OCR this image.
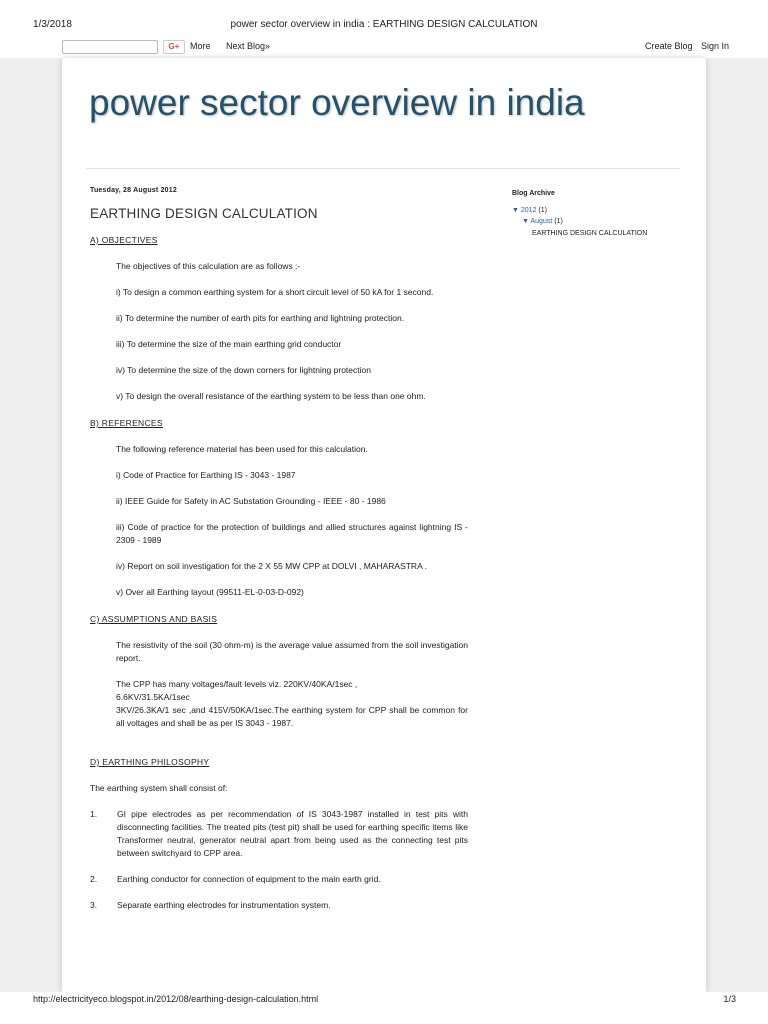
1/3/2018	power sector overview in india : EARTHING DESIGN CALCULATION
G+	More Next Blog»	Create Blog Sign In
power sector overview in india
Tuesday, 28 August 2012
EARTHING DESIGN CALCULATION
A) OBJECTIVES
The objectives of this calculation are as follows :-
i) To design a common earthing system for a short circuit level of 50 kA for 1 second.
ii) To determine the number of earth pits for earthing and lightning protection.
iii) To determine the size of the main earthing grid conductor
iv) To determine the size of the down corners for lightning protection
v) To design the overall resistance of the earthing system to be less than one ohm.
B) REFERENCES
The following reference material has been used for this calculation.
i) Code of Practice for Earthing IS - 3043 - 1987
ii) IEEE Guide for Safety in AC Substation Grounding - IEEE - 80 - 1986
iii) Code of practice for the protection of buildings and allied structures against lightning IS - 2309 - 1989
iv) Report on soil investigation for the 2 X 55 MW CPP at DOLVI , MAHARASTRA .
v) Over all Earthing layout (99511-EL-0-03-D-092)
C) ASSUMPTIONS AND BASIS
The resistivity of the soil (30 ohm-m) is the average value assumed from the soil investigation report.
The CPP has many voltages/fault levels viz. 220KV/40KA/1sec ,
6.6KV/31.5KA/1sec
3KV/26.3KA/1 sec ,and 415V/50KA/1sec.The earthing system for CPP shall be common for all voltages and shall be as per IS 3043 - 1987.
D) EARTHING PHILOSOPHY
The earthing system shall consist of:
1.	GI pipe electrodes as per recommendation of IS 3043-1987 installed in test pits with disconnecting facilities. The treated pits (test pit) shall be used for earthing specific items like Transformer neutral, generator neutral apart from being used as the connecting test pits between switchyard to CPP area.
2.	Earthing conductor for connection of equipment to the main earth grid.
3.	Separate earthing electrodes for instrumentation system.
Blog Archive
▼ 2012 (1)
▼ August (1)
EARTHING DESIGN CALCULATION
http://electricityeco.blogspot.in/2012/08/earthing-design-calculation.html	1/3
